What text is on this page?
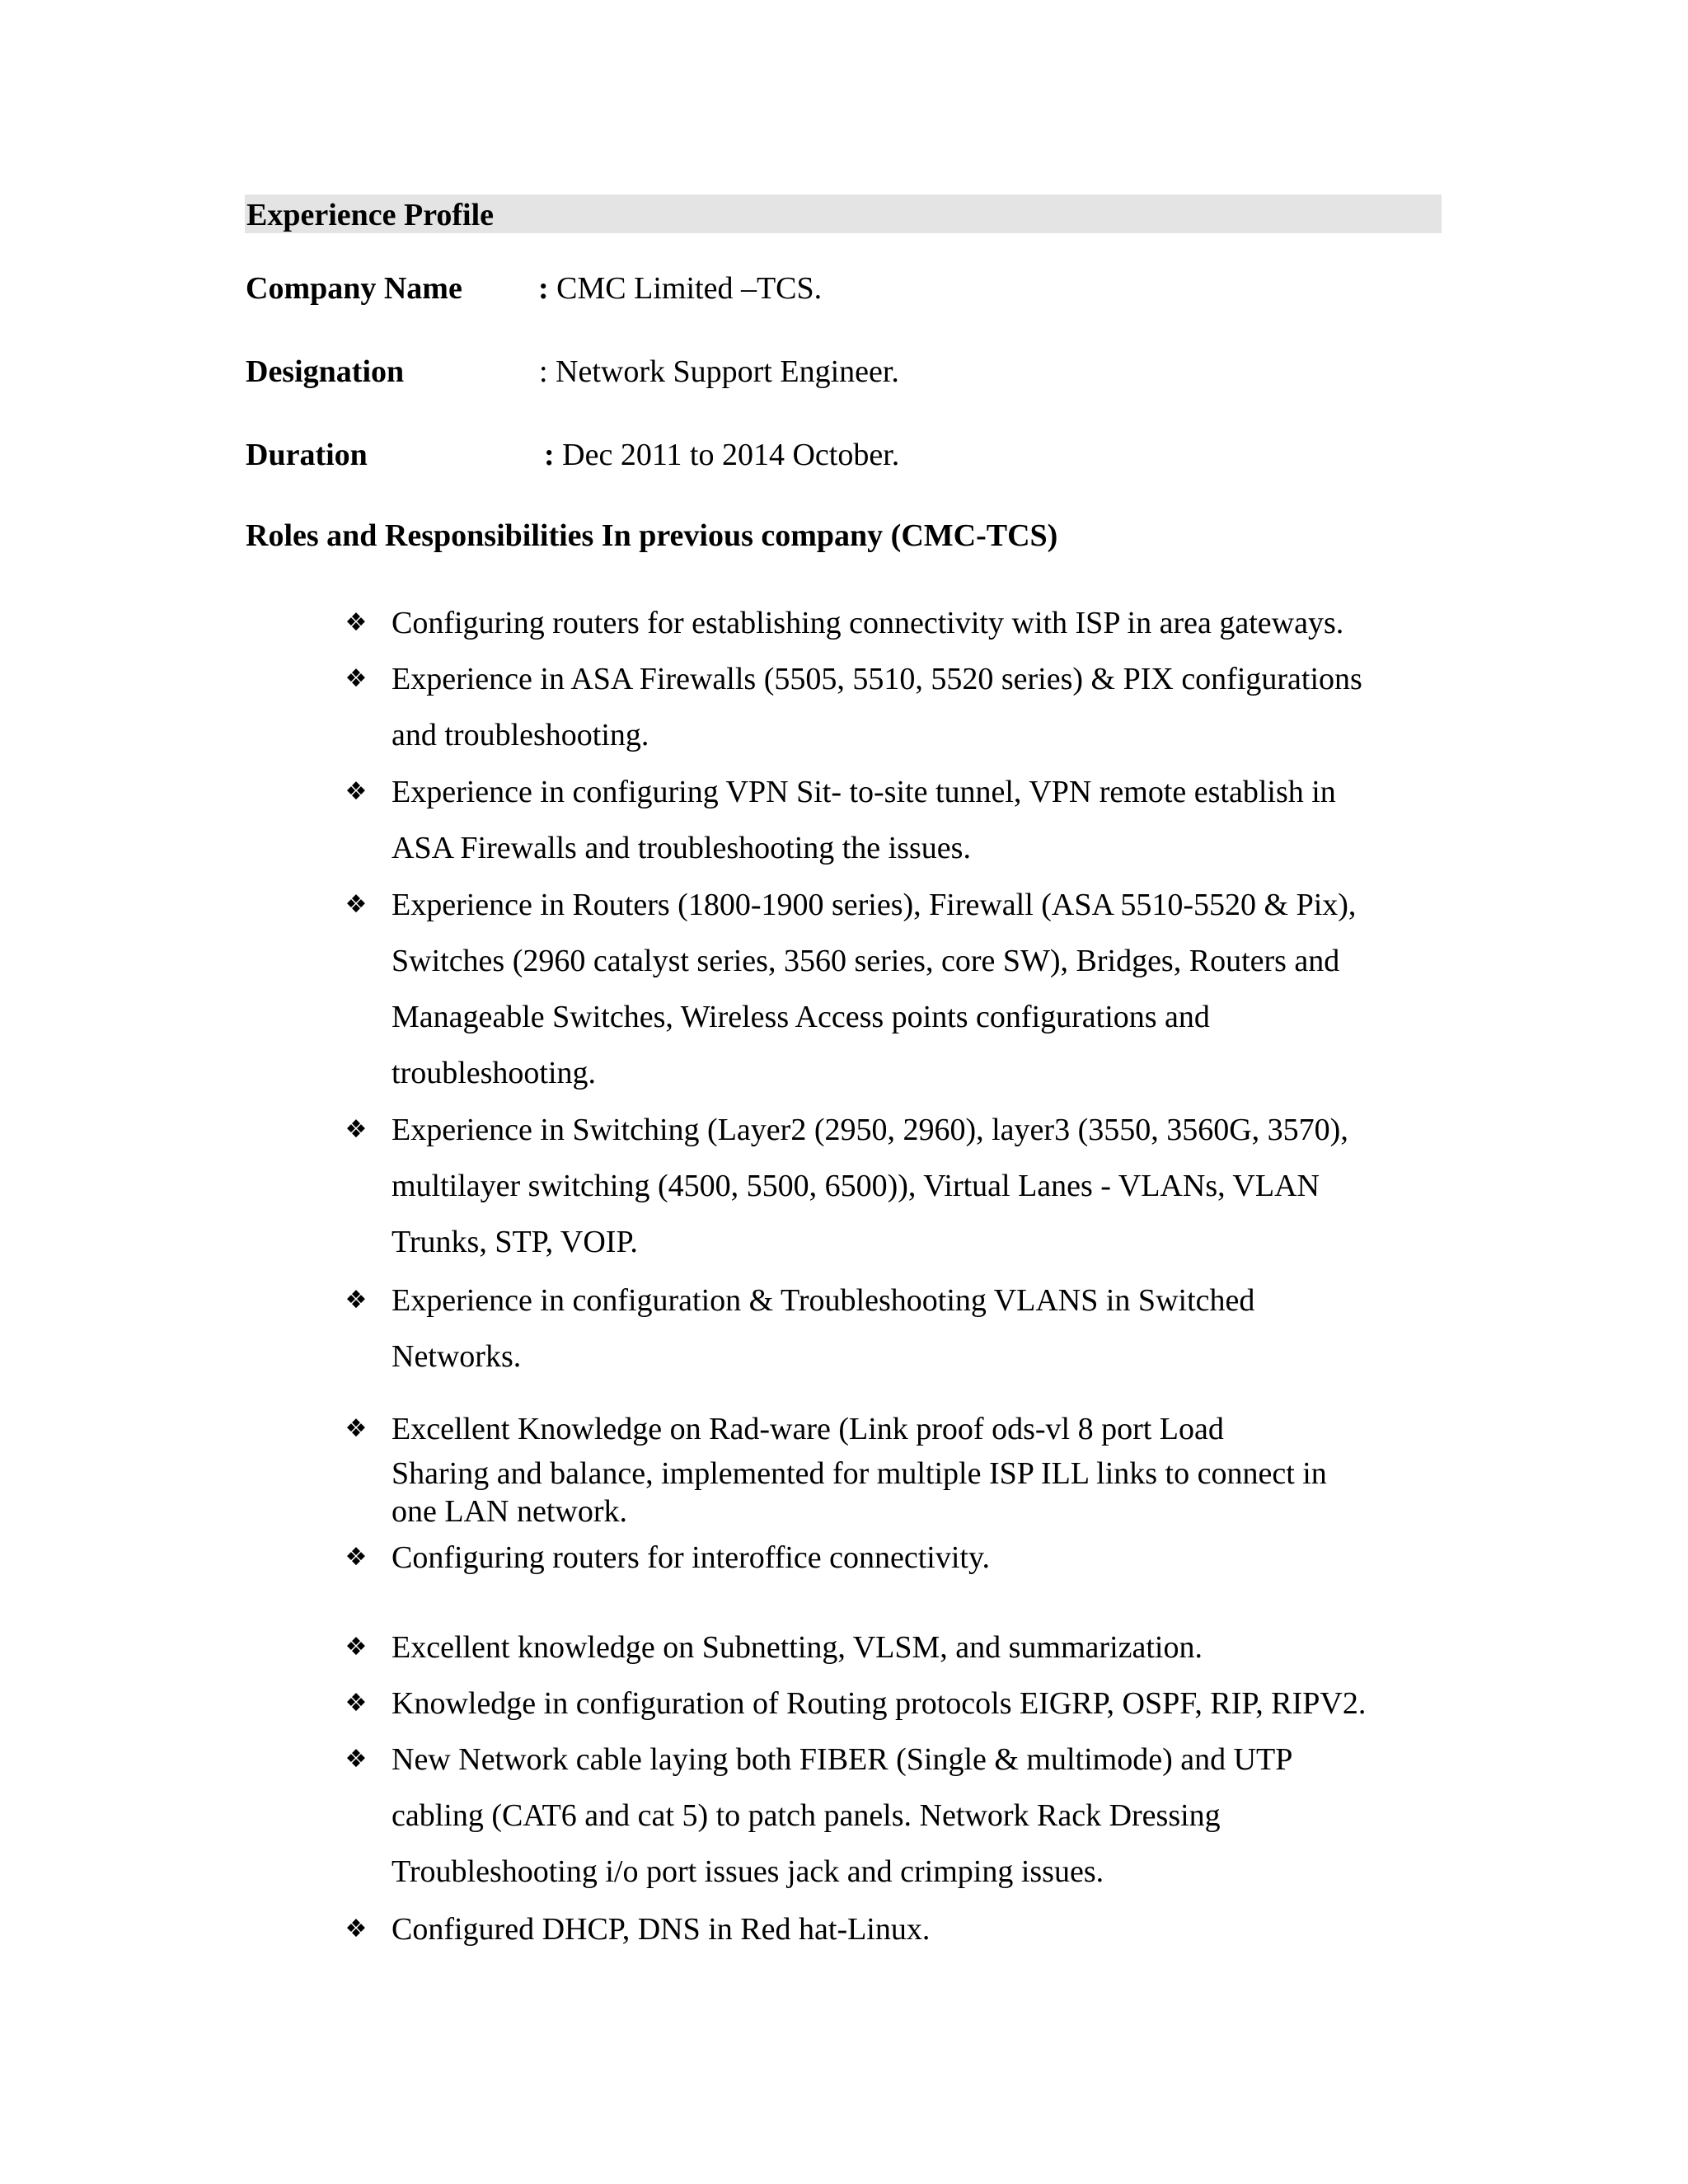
Experience Profile
Company Name : CMC Limited –TCS.
Designation	: Network Support Engineer.
Duration	: Dec 2011 to 2014 October.
Roles and Responsibilities In previous company (CMC-TCS)
❖ Configuring routers for establishing connectivity with ISP in area gateways.
❖ Experience in ASA Firewalls (5505, 5510, 5520 series) & PIX configurations
and troubleshooting.
❖ Experience in configuring VPN Sit- to-site tunnel, VPN remote establish in
ASA Firewalls and troubleshooting the issues.
❖ Experience in Routers (1800-1900 series), Firewall (ASA 5510-5520 & Pix),
Switches (2960 catalyst series, 3560 series, core SW), Bridges, Routers and
Manageable Switches, Wireless Access points configurations and
troubleshooting.
❖ Experience in Switching (Layer2 (2950, 2960), layer3 (3550, 3560G, 3570),
multilayer switching (4500, 5500, 6500)), Virtual Lanes - VLANs, VLAN
Trunks, STP, VOIP.
❖ Experience in configuration & Troubleshooting VLANS in Switched
Networks.
❖ Excellent Knowledge on Rad-ware (Link proof ods-vl 8 port Load
Sharing and balance, implemented for multiple ISP ILL links to connect in
one LAN network.
❖ Configuring routers for interoffice connectivity.
❖ Excellent knowledge on Subnetting, VLSM, and summarization.
❖ Knowledge in configuration of Routing protocols EIGRP, OSPF, RIP, RIPV2.
❖ New Network cable laying both FIBER (Single & multimode) and UTP
cabling (CAT6 and cat 5) to patch panels. Network Rack Dressing
Troubleshooting i/o port issues jack and crimping issues.
❖ Configured DHCP, DNS in Red hat-Linux.
